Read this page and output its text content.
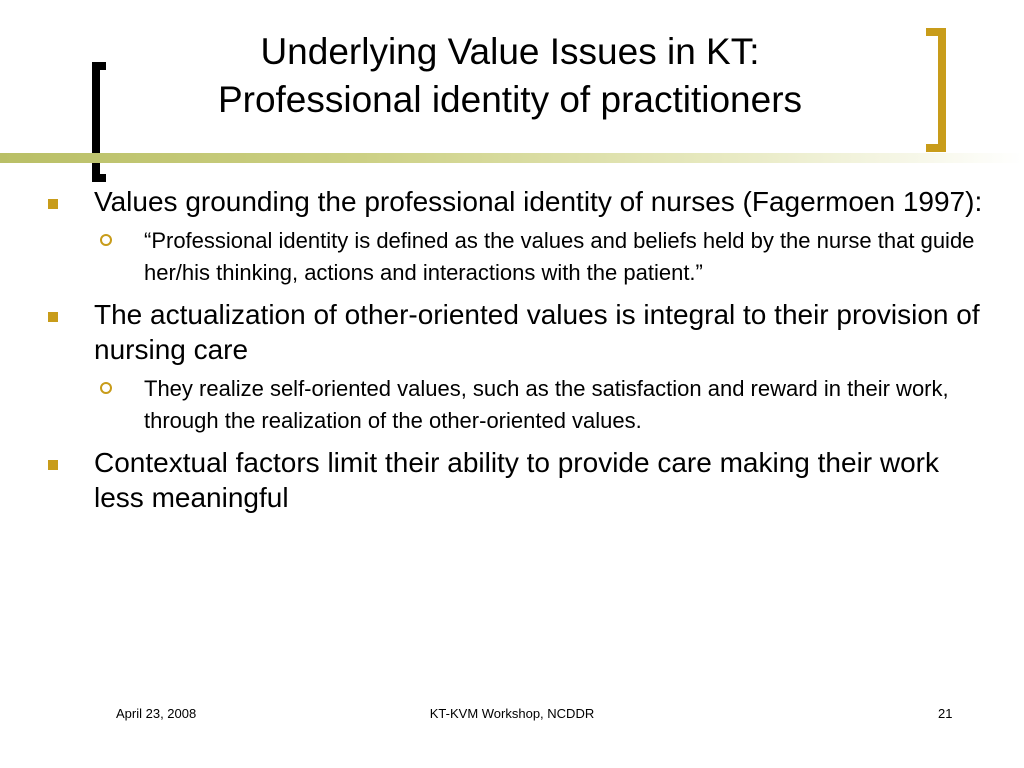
Underlying Value Issues in KT:
Professional identity of practitioners
Values grounding the professional identity of nurses (Fagermoen 1997):
“Professional identity is defined as the values and beliefs held by the nurse that guide her/his thinking, actions and interactions with the patient.”
The actualization of other-oriented values is integral to their provision of nursing care
They realize self-oriented values, such as the satisfaction and reward in their work, through the realization of the other-oriented values.
Contextual factors limit their ability to provide care making their work less meaningful
April 23, 2008	KT-KVM Workshop, NCDDR	21
